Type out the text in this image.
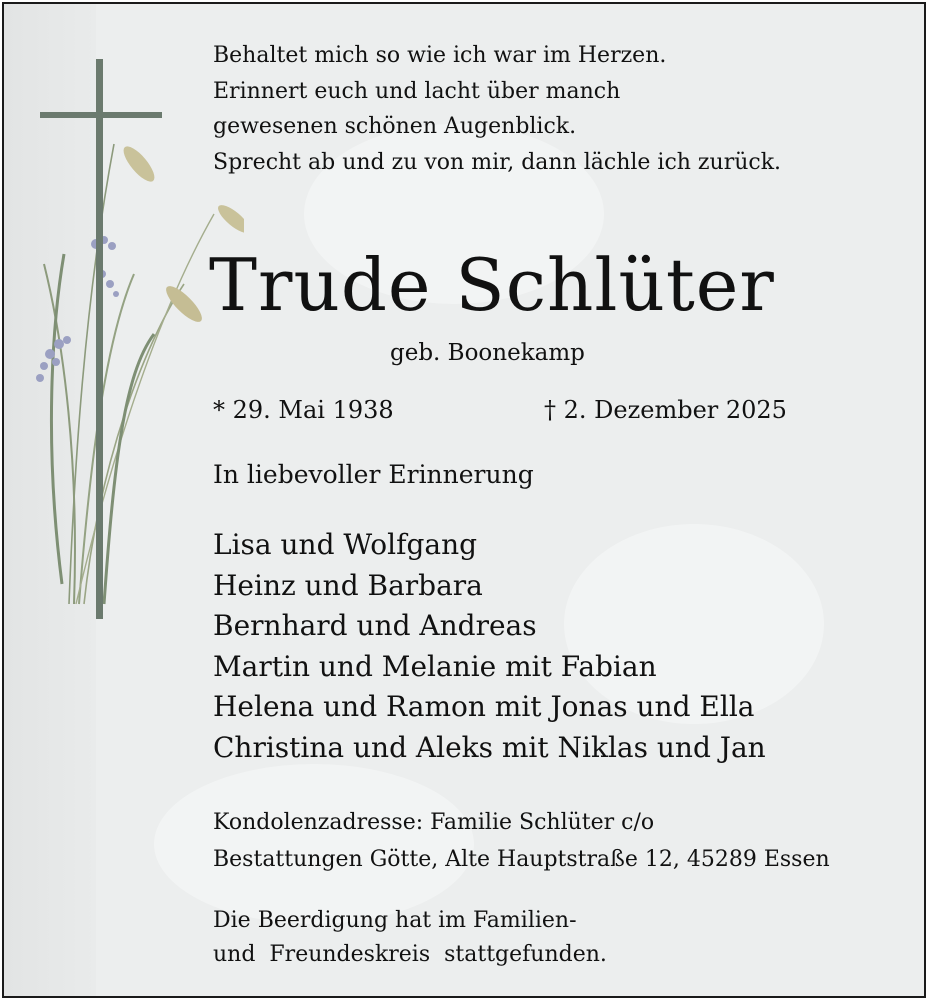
Behaltet mich so wie ich war im Herzen.
Erinnert euch und lacht über manch
gewesenen schönen Augenblick.
Sprecht ab und zu von mir, dann lächle ich zurück.
Trude Schlüter
geb. Boonekamp
* 29. Mai 1938	† 2. Dezember 2025
In liebevoller Erinnerung
Lisa und Wolfgang
Heinz und Barbara
Bernhard und Andreas
Martin und Melanie mit Fabian
Helena und Ramon mit Jonas und Ella
Christina und Aleks mit Niklas und Jan
Kondolenzadresse: Familie Schlüter c/o
Bestattungen Götte, Alte Hauptstraße 12, 45289 Essen
Die Beerdigung hat im Familien-
und  Freundeskreis  stattgefunden.
